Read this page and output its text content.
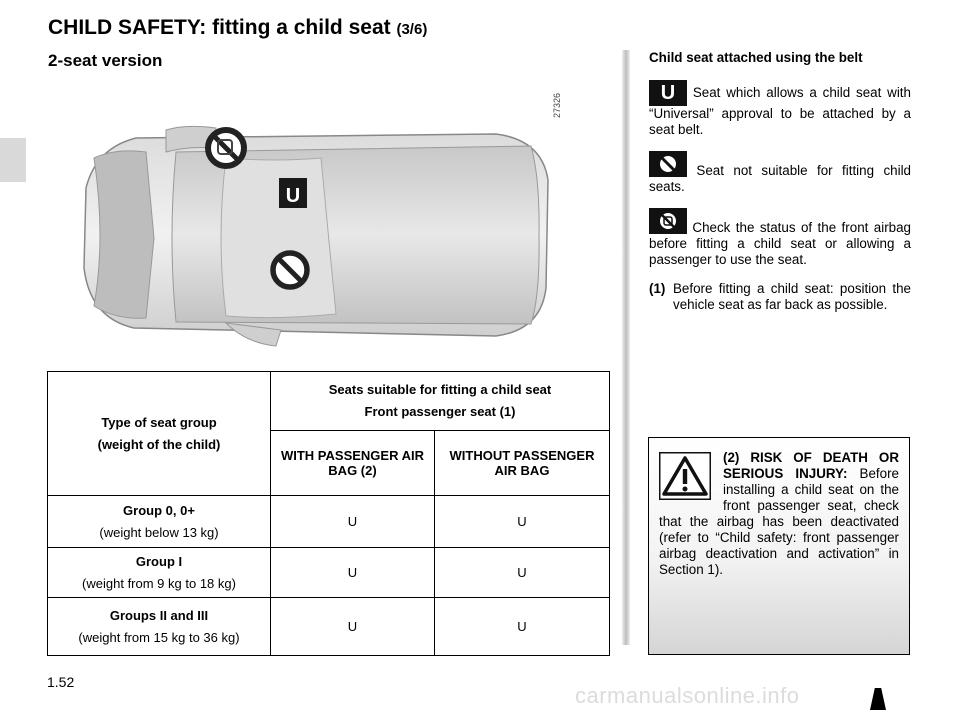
CHILD SAFETY: fitting a child seat (3/6)
2-seat version
27326
U
Type of seat group
(weight of the child)	Seats suitable for fitting a child seat
Front passenger seat (1)	

	WITH PASSENGER AIR BAG (2)	WITHOUT PASSENGER AIR BAG

Group 0, 0+
(weight below 13 kg)	U	U

Group I
(weight from 9 kg to 18 kg)	U	U

Groups II and III
(weight from 15 kg to 36 kg)	U	U

Child seat attached using the belt

U Seat which allows a child seat with “Universal” approval to be attached by a seat belt.

Seat not suitable for fitting child seats.

Check the status of the front airbag before fitting a child seat or allowing a passenger to use the seat.

(1) Before fitting a child seat: position the vehicle seat as far back as possible.
(2) RISK OF DEATH OR SERIOUS INJURY: Before installing a child seat on the front passenger seat, check that the airbag has been deactivated (refer to “Child safety: front passenger airbag deactivation and activation” in Section 1).
1.52
carmanualsonline.info
